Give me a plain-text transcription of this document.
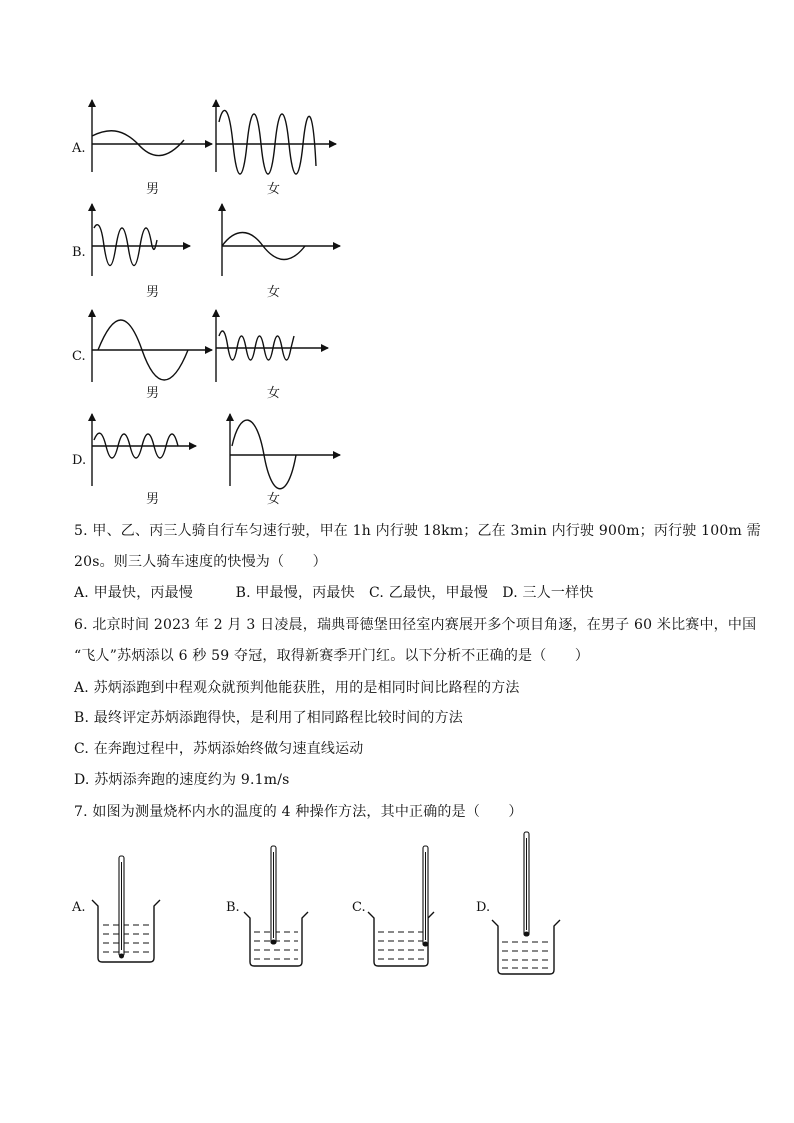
A.
B.
C.
D.
男	女
男	女
男	女
男	女
5. 甲、乙、丙三人骑自行车匀速行驶，甲在 1h 内行驶 18km；乙在 3min 内行驶 900m；丙行驶 100m 需
20s。则三人骑车速度的快慢为（　　）
A. 甲最快，丙最慢　　　B. 甲最慢，丙最快　C. 乙最快，甲最慢　D. 三人一样快
6. 北京时间 2023 年 2 月 3 日凌晨，瑞典哥德堡田径室内赛展开多个项目角逐，在男子 60 米比赛中，中国
“飞人”苏炳添以 6 秒 59 夺冠，取得新赛季开门红。以下分析不正确的是（　　）
A. 苏炳添跑到中程观众就预判他能获胜，用的是相同时间比路程的方法
B. 最终评定苏炳添跑得快，是利用了相同路程比较时间的方法
C. 在奔跑过程中，苏炳添始终做匀速直线运动
D. 苏炳添奔跑的速度约为 9.1m/s
7. 如图为测量烧杯内水的温度的 4 种操作方法，其中正确的是（　　）
A.	B.	C.	D.
